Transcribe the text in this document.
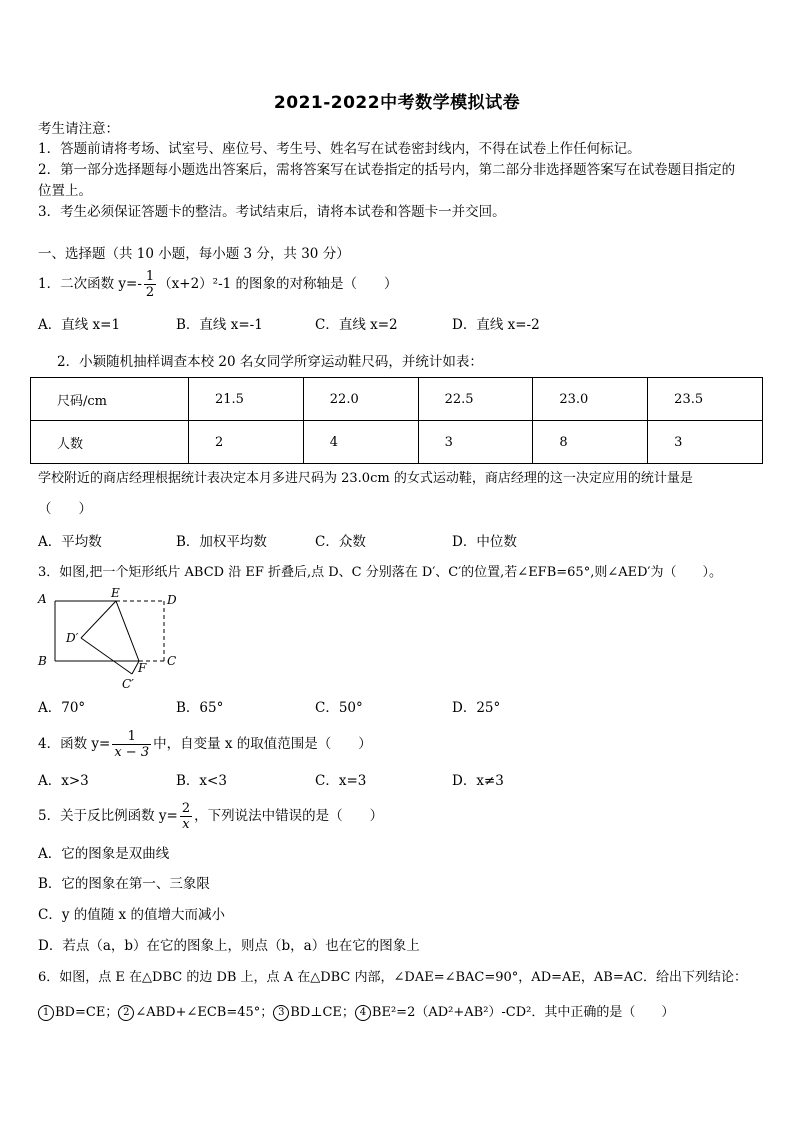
2021-2022中考数学模拟试卷
考生请注意：
1．答题前请将考场、试室号、座位号、考生号、姓名写在试卷密封线内，不得在试卷上作任何标记。
2．第一部分选择题每小题选出答案后，需将答案写在试卷指定的括号内，第二部分非选择题答案写在试卷题目指定的
位置上。
3．考生必须保证答题卡的整洁。考试结束后，请将本试卷和答题卡一并交回。
一、选择题（共 10 小题，每小题 3 分，共 30 分）
1．二次函数 $y=- \frac{1}{2} (x+2)^2-1$ 的图象的对称轴是（　　）
A．直线 x=1	B．直线 x=-1	C．直线 x=2	D．直线 x=-2
2．小颖随机抽样调查本校 20 名女同学所穿运动鞋尺码，并统计如表：
尺码/cm	21.5	22.0	22.5	23.0	23.5
人数	2	4	3	8	3
学校附近的商店经理根据统计表决定本月多进尺码为 23.0cm 的女式运动鞋，商店经理的这一决定应用的统计量是
（　　）
A．平均数	B．加权平均数	C．众数	D．中位数
3．如图,把一个矩形纸片 ABCD 沿 EF 折叠后,点 D、C 分别落在 D′、C′的位置,若∠EFB=65°,则∠AED′为（　　）。
A	E	D
D′
B	F C
C′
A．70°	B．65°	C．50°	D．25°
4．函数 $y= \frac{1}{x - 3}$ 中，自变量 x 的取值范围是（　　）
A．x>3	B．x<3	C．x=3	D．x≠3
5．关于反比例函数 $y= \frac{2}{x}$ ，下列说法中错误的是（　　）
A．它的图象是双曲线
B．它的图象在第一、三象限
C．y 的值随 x 的值增大而减小
D．若点（a，b）在它的图象上，则点（b，a）也在它的图象上
6．如图，点 E 在△DBC 的边 DB 上，点 A 在△DBC 内部，∠DAE=∠BAC=90°，AD=AE，AB=AC．给出下列结论：
1 BD=CE； 2 ∠ABD+∠ECB=45°； 3 BD⊥CE； 4 BE²=2（AD²+AB²）-CD²．其中正确的是（　　）
